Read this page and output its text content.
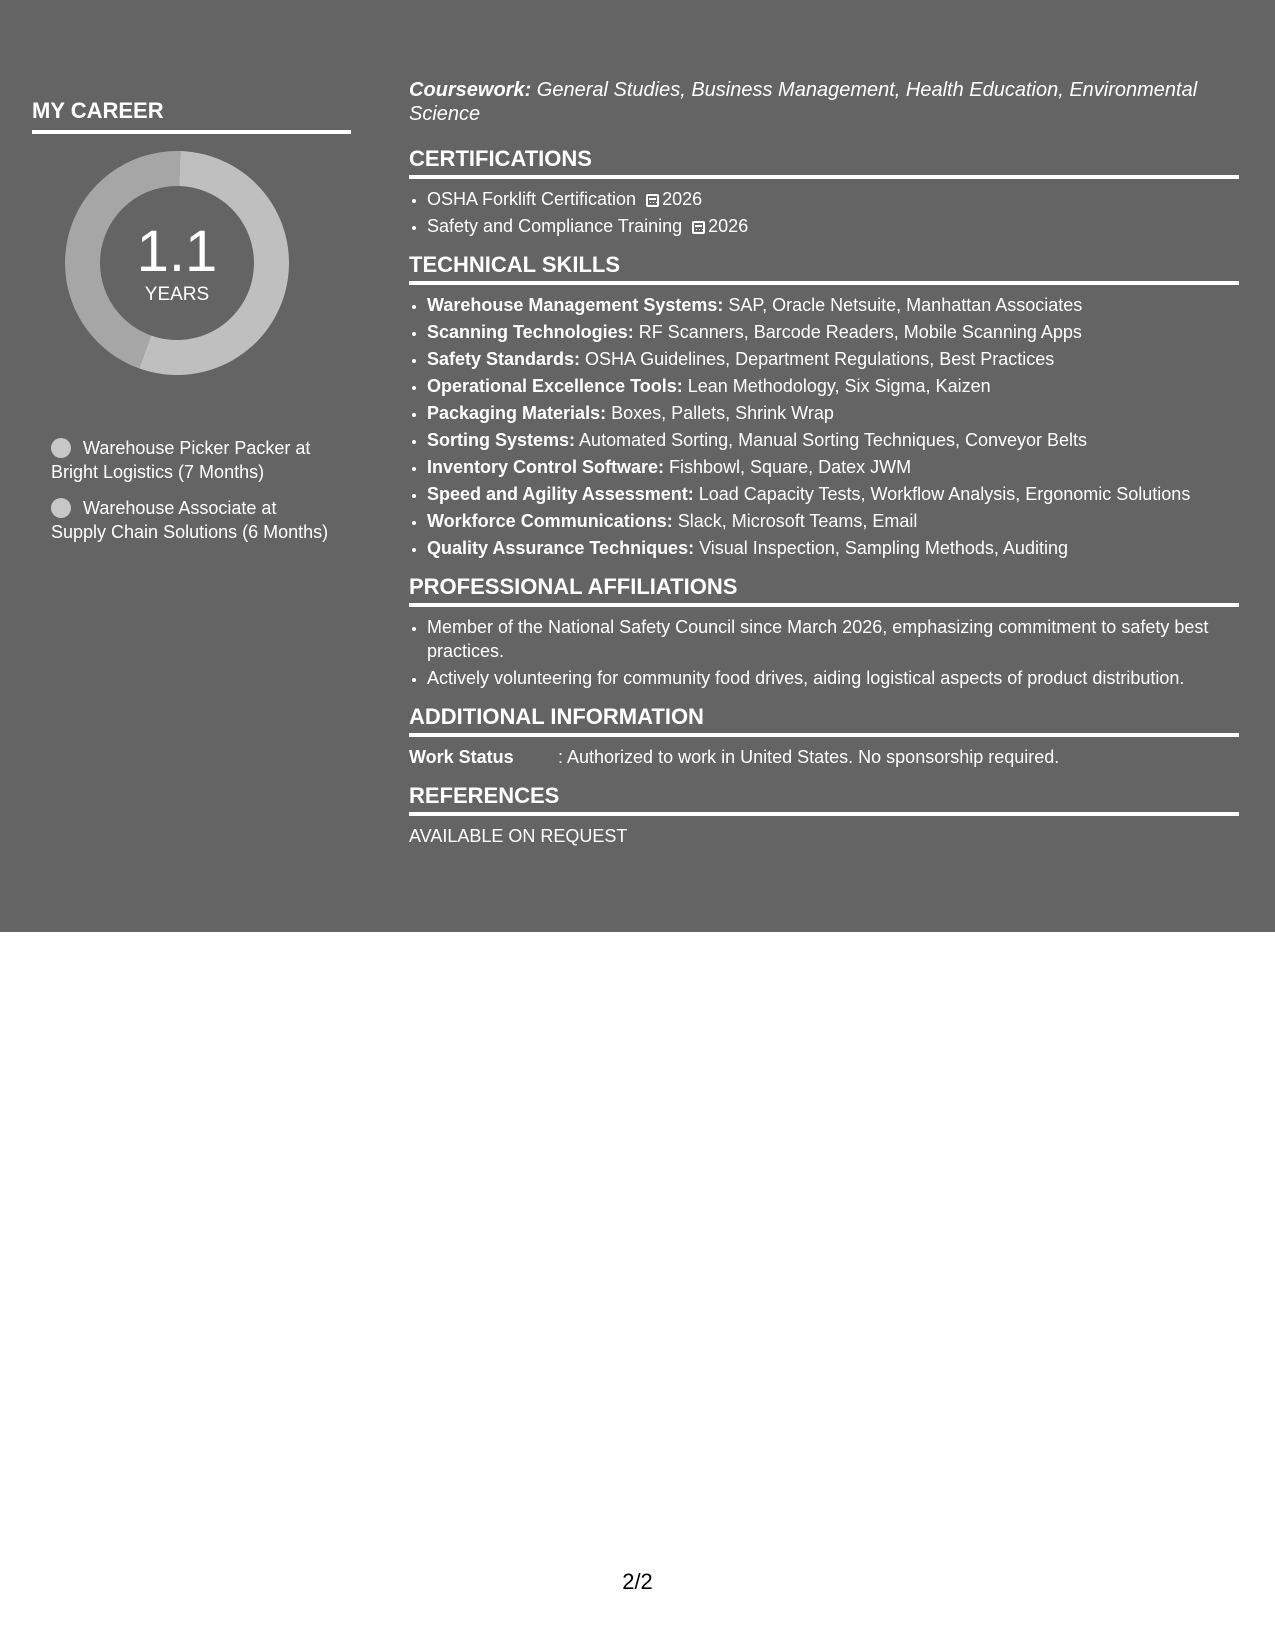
MY CAREER
1.1
YEARS
Warehouse Picker Packer at Bright Logistics (7 Months)
Warehouse Associate at Supply Chain Solutions (6 Months)

Coursework: General Studies, Business Management, Health Education, Environmental Science

CERTIFICATIONS
• OSHA Forklift Certification 2026
• Safety and Compliance Training 2026
TECHNICAL SKILLS
• Warehouse Management Systems: SAP, Oracle Netsuite, Manhattan Associates
• Scanning Technologies: RF Scanners, Barcode Readers, Mobile Scanning Apps
• Safety Standards: OSHA Guidelines, Department Regulations, Best Practices
• Operational Excellence Tools: Lean Methodology, Six Sigma, Kaizen
• Packaging Materials: Boxes, Pallets, Shrink Wrap
• Sorting Systems: Automated Sorting, Manual Sorting Techniques, Conveyor Belts
• Inventory Control Software: Fishbowl, Square, Datex JWM
• Speed and Agility Assessment: Load Capacity Tests, Workflow Analysis, Ergonomic Solutions
• Workforce Communications: Slack, Microsoft Teams, Email
• Quality Assurance Techniques: Visual Inspection, Sampling Methods, Auditing
PROFESSIONAL AFFILIATIONS
• Member of the National Safety Council since March 2026, emphasizing commitment to safety best practices.
• Actively volunteering for community food drives, aiding logistical aspects of product distribution.
ADDITIONAL INFORMATION
Work Status	: Authorized to work in United States. No sponsorship required.
REFERENCES

AVAILABLE ON REQUEST

2/2
